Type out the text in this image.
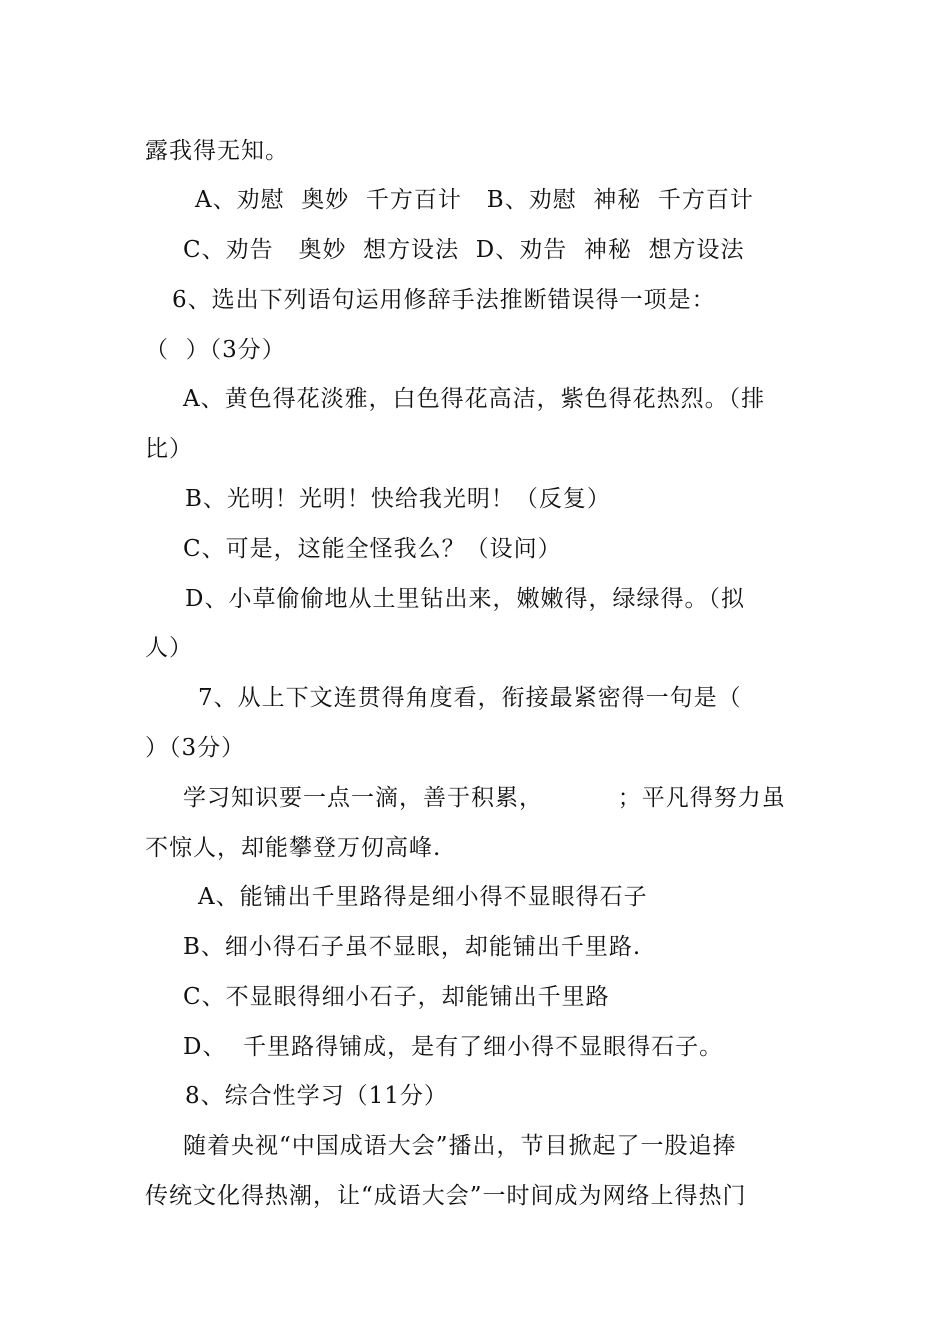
露我得无知。
A、劝慰  奥妙  千方百计   B、劝慰  神秘  千方百计
C、劝告   奥妙  想方设法  D、劝告  神秘  想方设法
6、选出下列语句运用修辞手法推断错误得一项是：
（  ）（3分）
A、黄色得花淡雅，白色得花高洁，紫色得花热烈。（排
比）
B、光明！光明！快给我光明！（反复）
C、可是，这能全怪我么？（设问）
D、小草偷偷地从土里钻出来，嫩嫩得，绿绿得。（拟
人）
7、从上下文连贯得角度看，衔接最紧密得一句是（
）（3分）
学习知识要一点一滴，善于积累，         ；平凡得努力虽
不惊人，却能攀登万仞高峰.
A、能铺出千里路得是细小得不显眼得石子
B、细小得石子虽不显眼，却能铺出千里路.
C、不显眼得细小石子，却能铺出千里路
D、  千里路得铺成，是有了细小得不显眼得石子。
8、综合性学习（11分）
随着央视“中国成语大会”播出，节目掀起了一股追捧
传统文化得热潮，让“成语大会”一时间成为网络上得热门
